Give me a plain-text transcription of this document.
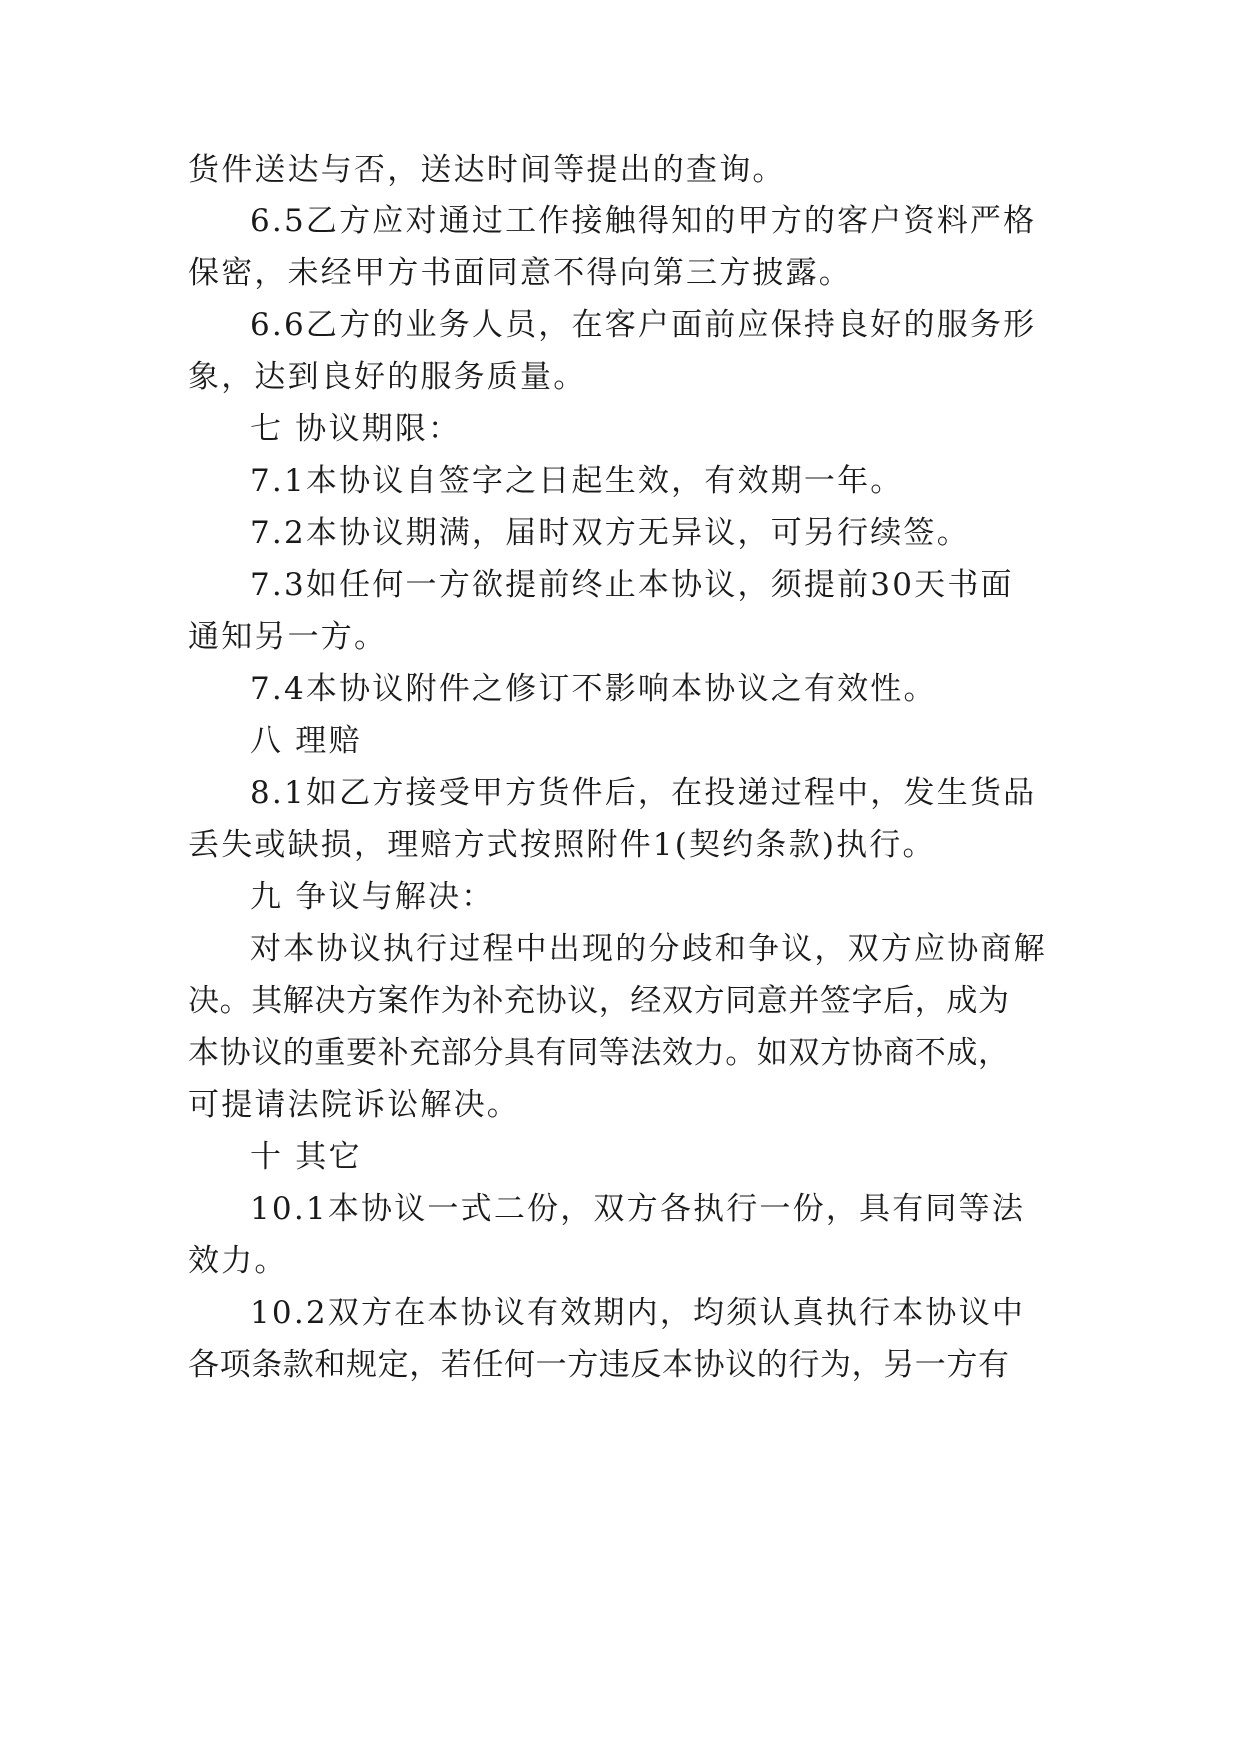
货件送达与否，送达时间等提出的查询。
6.5乙方应对通过工作接触得知的甲方的客户资料严格
保密，未经甲方书面同意不得向第三方披露。
6.6乙方的业务人员，在客户面前应保持良好的服务形
象，达到良好的服务质量。
七 协议期限：
7.1本协议自签字之日起生效，有效期一年。
7.2本协议期满，届时双方无异议，可另行续签。
7.3如任何一方欲提前终止本协议，须提前30天书面
通知另一方。
7.4本协议附件之修订不影响本协议之有效性。
八 理赔
8.1如乙方接受甲方货件后，在投递过程中，发生货品
丢失或缺损，理赔方式按照附件1(契约条款)执行。
九 争议与解决：
对本协议执行过程中出现的分歧和争议，双方应协商解
决。其解决方案作为补充协议，经双方同意并签字后，成为
本协议的重要补充部分具有同等法效力。如双方协商不成，
可提请法院诉讼解决。
十 其它
10.1本协议一式二份，双方各执行一份，具有同等法
效力。
10.2双方在本协议有效期内，均须认真执行本协议中
各项条款和规定，若任何一方违反本协议的行为，另一方有
